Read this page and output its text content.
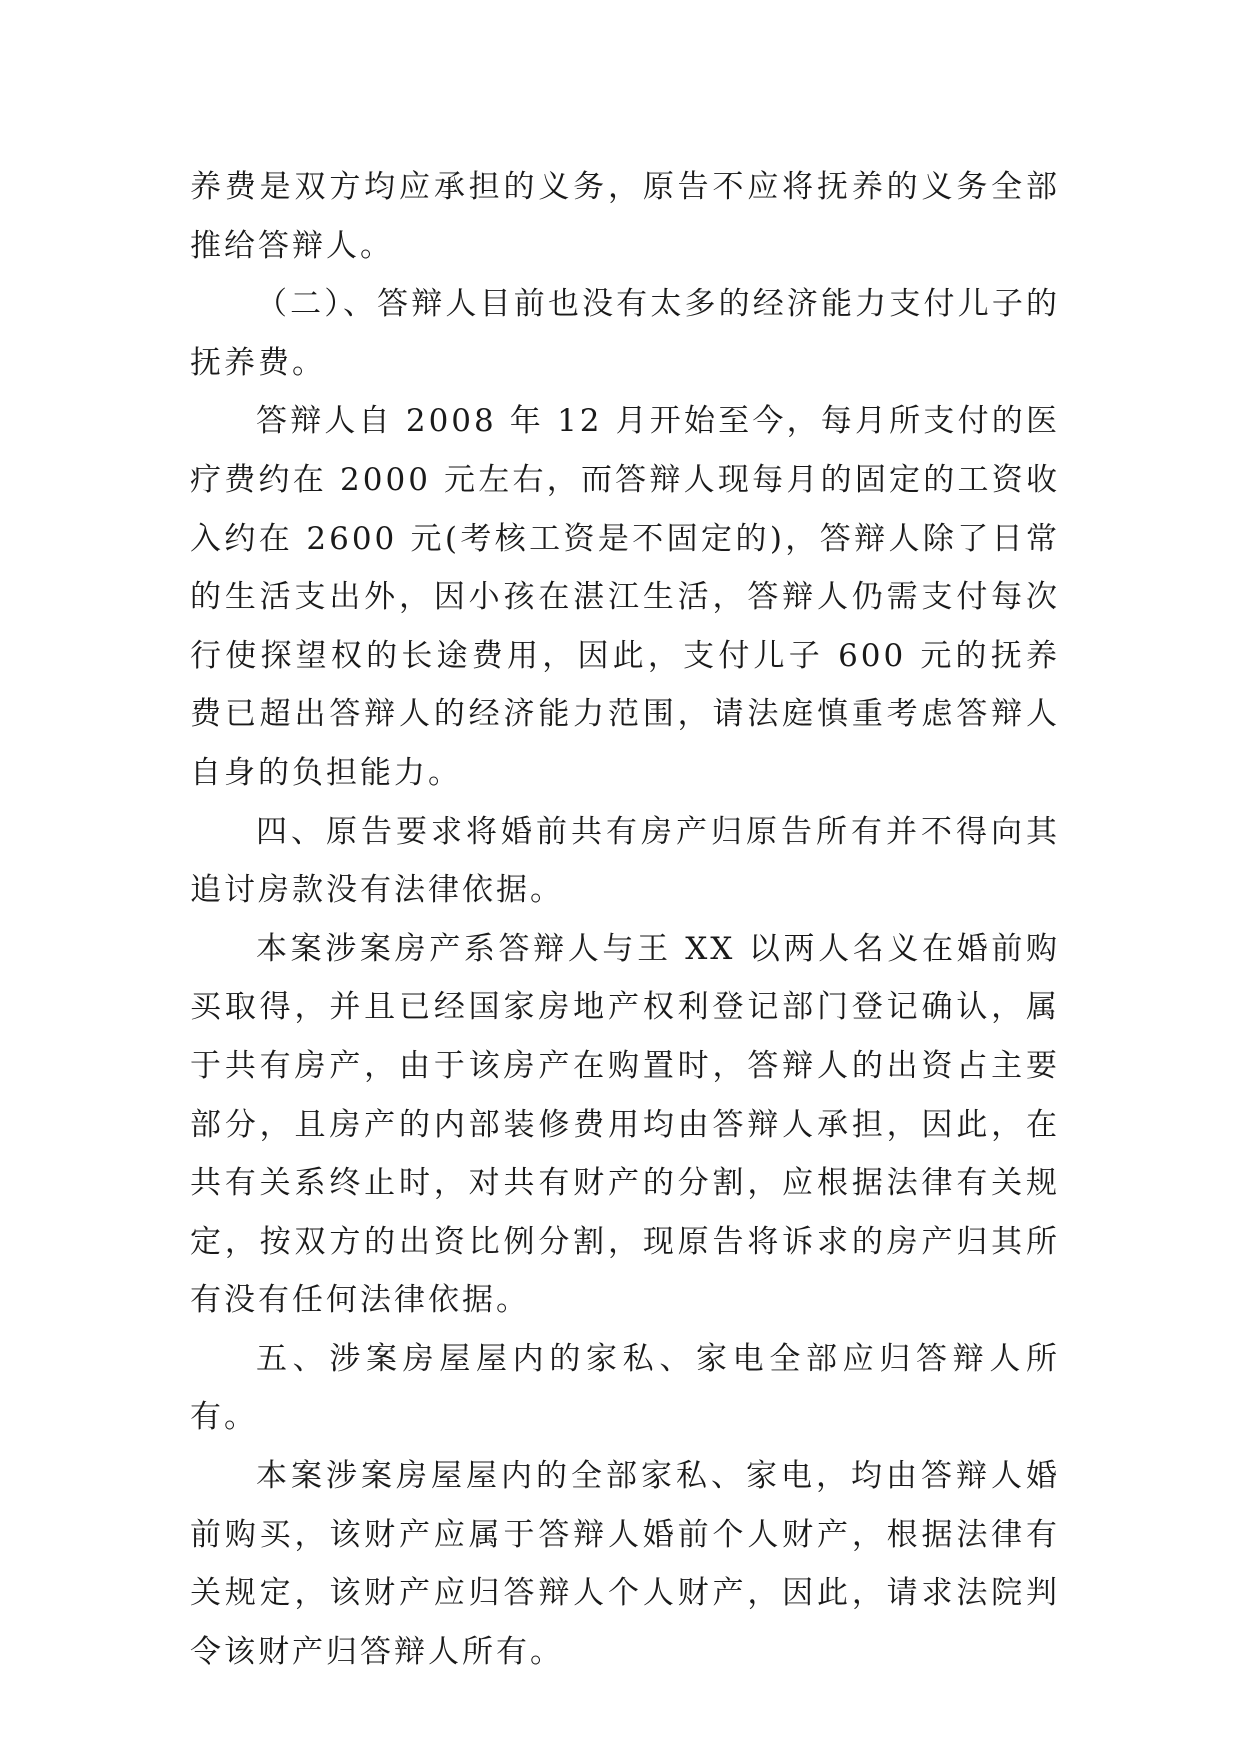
养费是双方均应承担的义务，原告不应将抚养的义务全部推给答辩人。

（二）、答辩人目前也没有太多的经济能力支付儿子的抚养费。

答辩人自 2008 年 12 月开始至今，每月所支付的医疗费约在 2000 元左右，而答辩人现每月的固定的工资收入约在 2600 元(考核工资是不固定的)，答辩人除了日常的生活支出外，因小孩在湛江生活，答辩人仍需支付每次行使探望权的长途费用，因此，支付儿子 600 元的抚养费已超出答辩人的经济能力范围，请法庭慎重考虑答辩人自身的负担能力。

四、原告要求将婚前共有房产归原告所有并不得向其追讨房款没有法律依据。

本案涉案房产系答辩人与王 XX 以两人名义在婚前购买取得，并且已经国家房地产权利登记部门登记确认，属于共有房产，由于该房产在购置时，答辩人的出资占主要部分，且房产的内部装修费用均由答辩人承担，因此，在共有关系终止时，对共有财产的分割，应根据法律有关规定，按双方的出资比例分割，现原告将诉求的房产归其所有没有任何法律依据。

五、涉案房屋屋内的家私、家电全部应归答辩人所有。

本案涉案房屋屋内的全部家私、家电，均由答辩人婚前购买，该财产应属于答辩人婚前个人财产，根据法律有关规定，该财产应归答辩人个人财产，因此，请求法院判令该财产归答辩人所有。
